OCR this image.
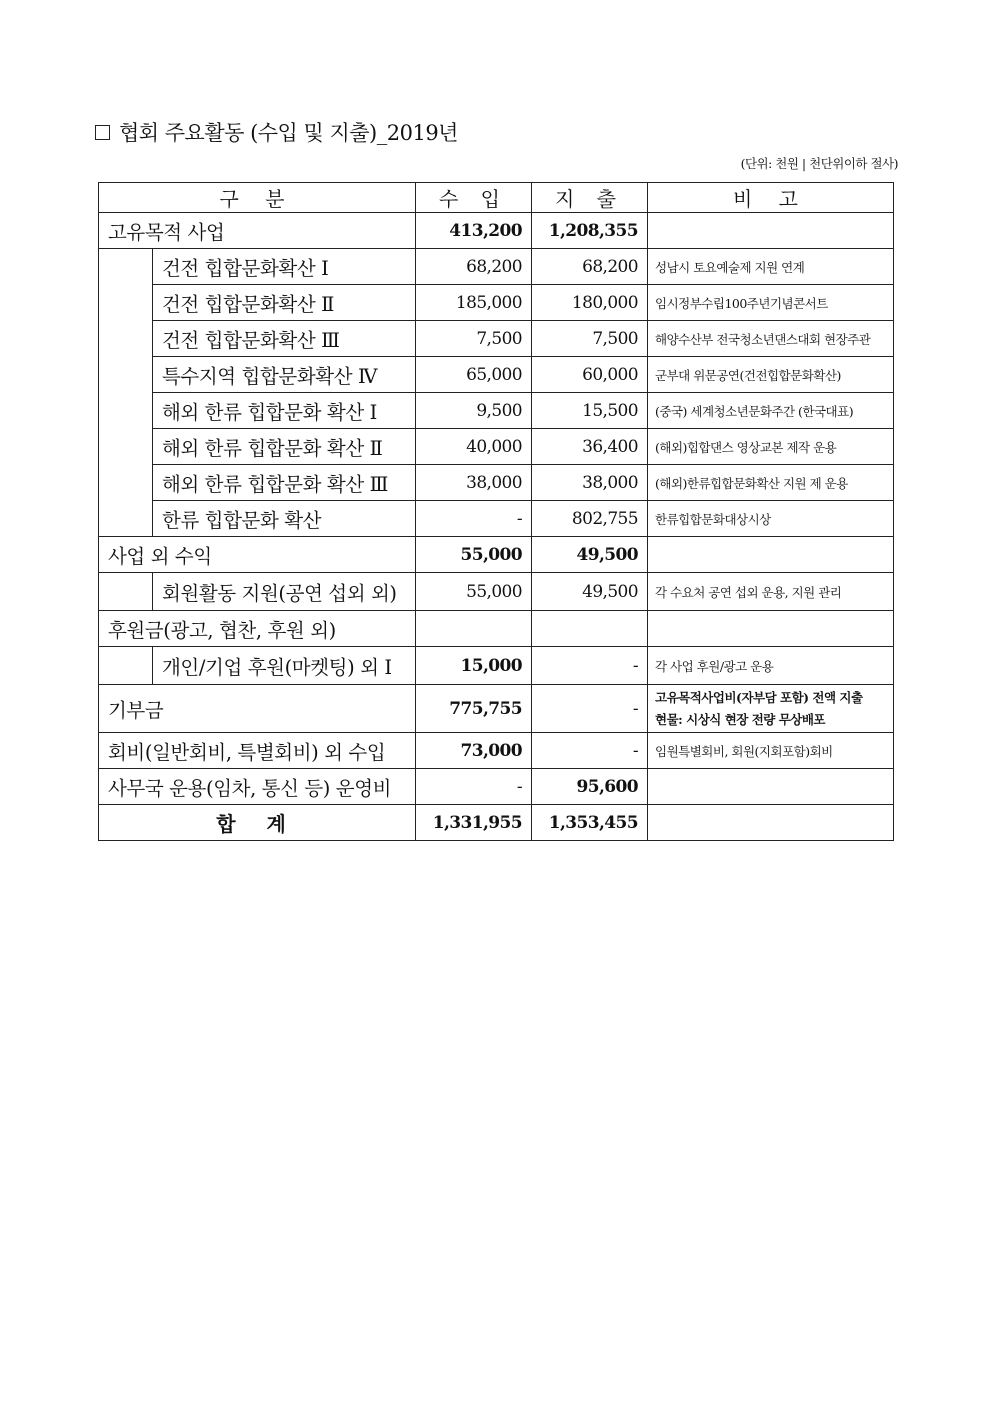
협회 주요활동 (수입 및 지출)_2019년
(단위: 천원 | 천단위이하 절사)
구 분		수 입	지 출	비 고
고유목적 사업		413,200	1,208,355	
	건전 힙합문화확산 Ⅰ	68,200	68,200	성남시 토요예술제 지원 연계
	건전 힙합문화확산 Ⅱ	185,000	180,000	임시정부수립100주년기념콘서트
	건전 힙합문화확산 Ⅲ	7,500	7,500	해양수산부 전국청소년댄스대회 현장주관
	특수지역 힙합문화확산 Ⅳ	65,000	60,000	군부대 위문공연(건전힙합문화확산)
	해외 한류 힙합문화 확산 Ⅰ	9,500	15,500	(중국) 세계청소년문화주간 (한국대표)
	해외 한류 힙합문화 확산 Ⅱ	40,000	36,400	(해외)힙합댄스 영상교본 제작 운용
	해외 한류 힙합문화 확산 Ⅲ	38,000	38,000	(해외)한류힙합문화확산 지원 제 운용
	한류 힙합문화 확산	-	802,755	한류힙합문화대상시상
사업 외 수익		55,000	49,500	
	회원활동 지원(공연 섭외 외)	55,000	49,500	각 수요처 공연 섭외 운용, 지원 관리
후원금(광고, 협찬, 후원 외)				
	개인/기업 후원(마켓팅) 외 Ⅰ	15,000	-	각 사업 후원/광고 운용
기부금		775,755	-	고유목적사업비(자부담 포함) 전액 지출
현물: 시상식 현장 전량 무상배포

회비(일반회비, 특별회비) 외 수입		73,000	-	임원특별회비, 회원(지회포함)회비
사무국 운용(임차, 통신 등) 운영비		-	95,600	
합 계		1,331,955	1,353,455	
